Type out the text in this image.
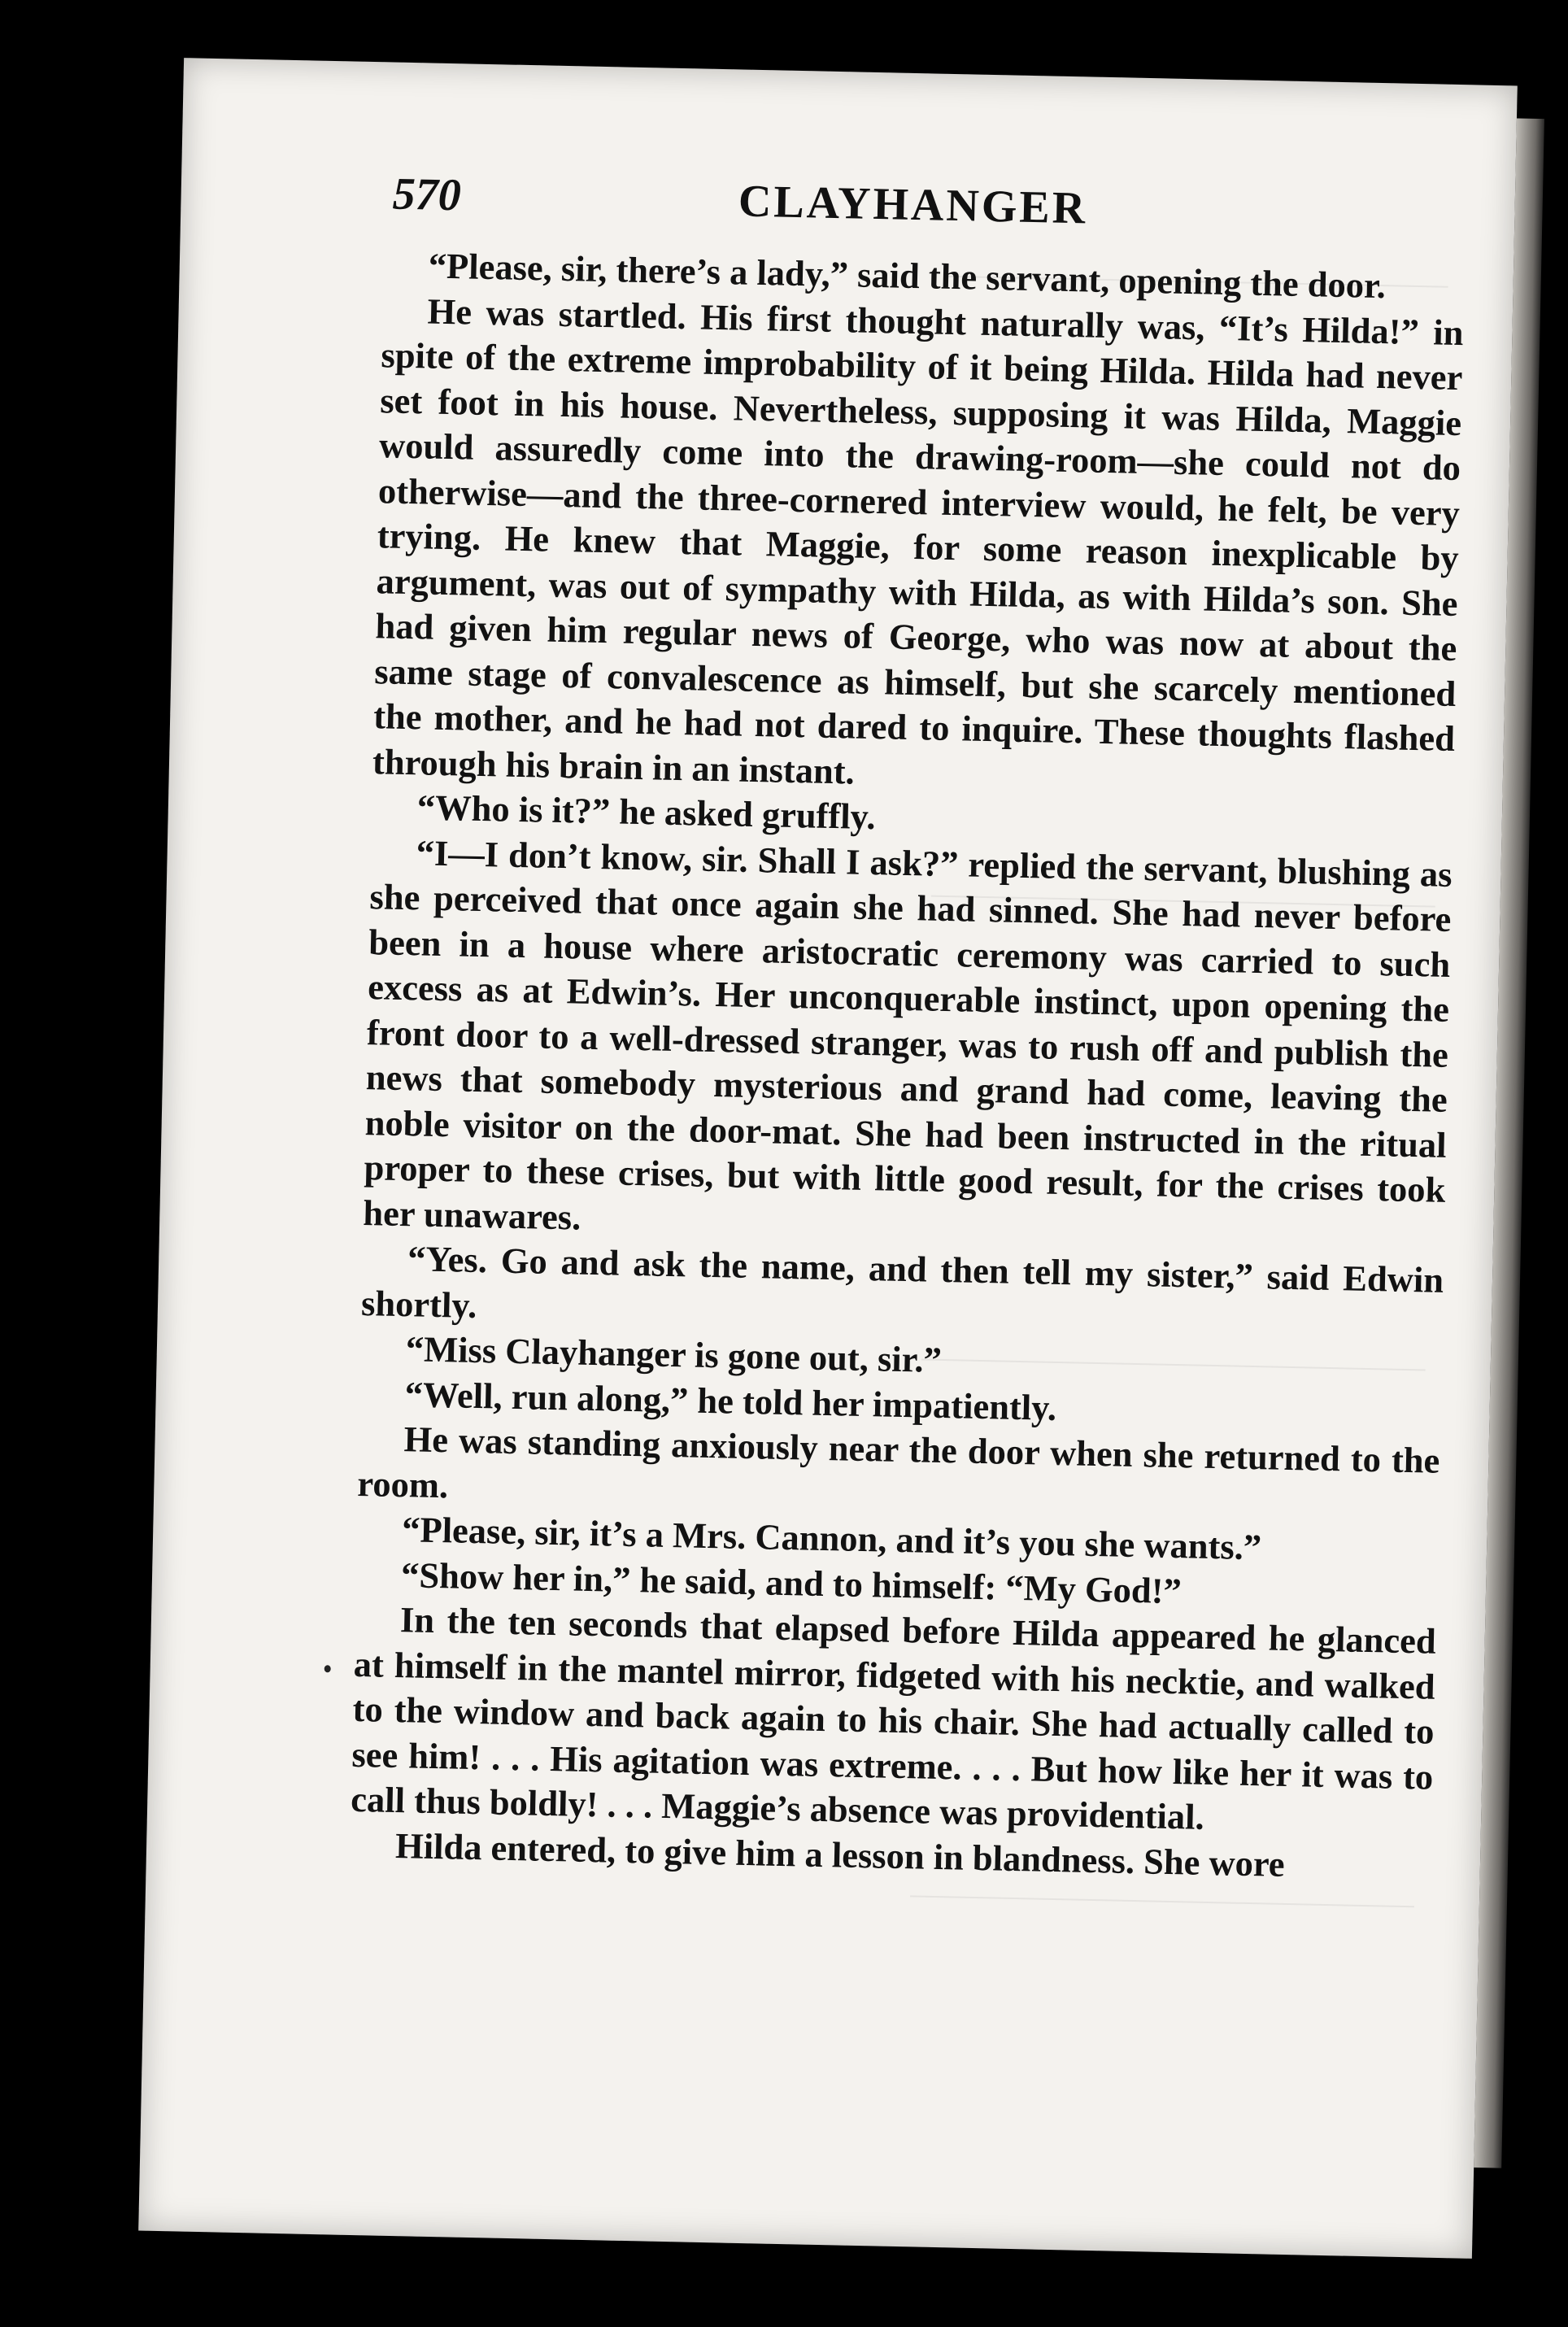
570	CLAYHANGER

“Please, sir, there’s a lady,” said the servant, opening the door.

He was startled. His first thought naturally was, “It’s Hilda!” in spite of the extreme improbability of it being Hilda. Hilda had never set foot in his house. Nevertheless, supposing it was Hilda, Maggie would assuredly come into the drawing-room—she could not do otherwise—and the three-cornered interview would, he felt, be very trying. He knew that Maggie, for some reason inexplicable by argument, was out of sympathy with Hilda, as with Hilda’s son. She had given him regular news of George, who was now at about the same stage of convalescence as himself, but she scarcely mentioned the mother, and he had not dared to inquire. These thoughts flashed through his brain in an instant.

“Who is it?” he asked gruffly.

“I—I don’t know, sir. Shall I ask?” replied the servant, blushing as she perceived that once again she had sinned. She had never before been in a house where aristocratic ceremony was carried to such excess as at Edwin’s. Her unconquerable instinct, upon opening the front door to a well-dressed stranger, was to rush off and publish the news that somebody mysterious and grand had come, leaving the noble visitor on the door-mat. She had been instructed in the ritual proper to these crises, but with little good result, for the crises took her unawares.

“Yes. Go and ask the name, and then tell my sister,” said Edwin shortly.

“Miss Clayhanger is gone out, sir.”

“Well, run along,” he told her impatiently.

He was standing anxiously near the door when she returned to the room.

“Please, sir, it’s a Mrs. Cannon, and it’s you she wants.”

“Show her in,” he said, and to himself: “My God!”

In the ten seconds that elapsed before Hilda appeared he glanced at himself in the mantel mirror, fidgeted with his necktie, and walked to the window and back again to his chair. She had actually called to see him! . . . His agitation was extreme. . . . But how like her it was to call thus boldly! . . . Maggie’s absence was providential.

Hilda entered, to give him a lesson in blandness. She wore
